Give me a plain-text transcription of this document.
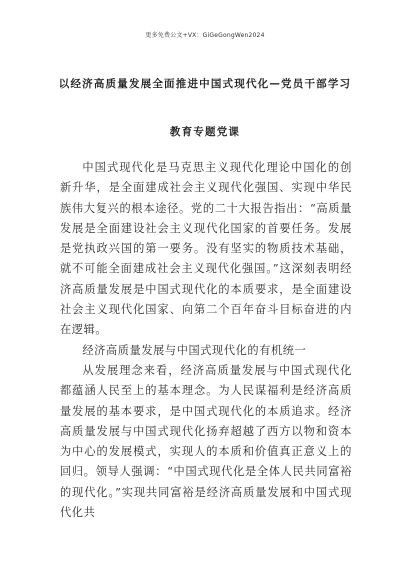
更多免费公文+VX：GiGeGongWen2024
以经济高质量发展全面推进中国式现代化—党员干部学习
教育专题党课

中国式现代化是马克思主义现代化理论中国化的创新升华，是全面建成社会主义现代化强国、实现中华民族伟大复兴的根本途径。党的二十大报告指出：“高质量发展是全面建设社会主义现代化国家的首要任务。发展是党执政兴国的第一要务。没有坚实的物质技术基础，就不可能全面建成社会主义现代化强国。”这深刻表明经济高质量发展是中国式现代化的本质要求，是全面建设社会主义现代化国家、向第二个百年奋斗目标奋进的内在逻辑。

经济高质量发展与中国式现代化的有机统一

从发展理念来看，经济高质量发展与中国式现代化都蕴涵人民至上的基本理念。为人民谋福利是经济高质量发展的基本要求，是中国式现代化的本质追求。经济高质量发展与中国式现代化扬弃超越了西方以物和资本为中心的发展模式，实现人的本质和价值真正意义上的回归。领导人强调：“中国式现代化是全体人民共同富裕的现代化。”实现共同富裕是经济高质量发展和中国式现代化共
